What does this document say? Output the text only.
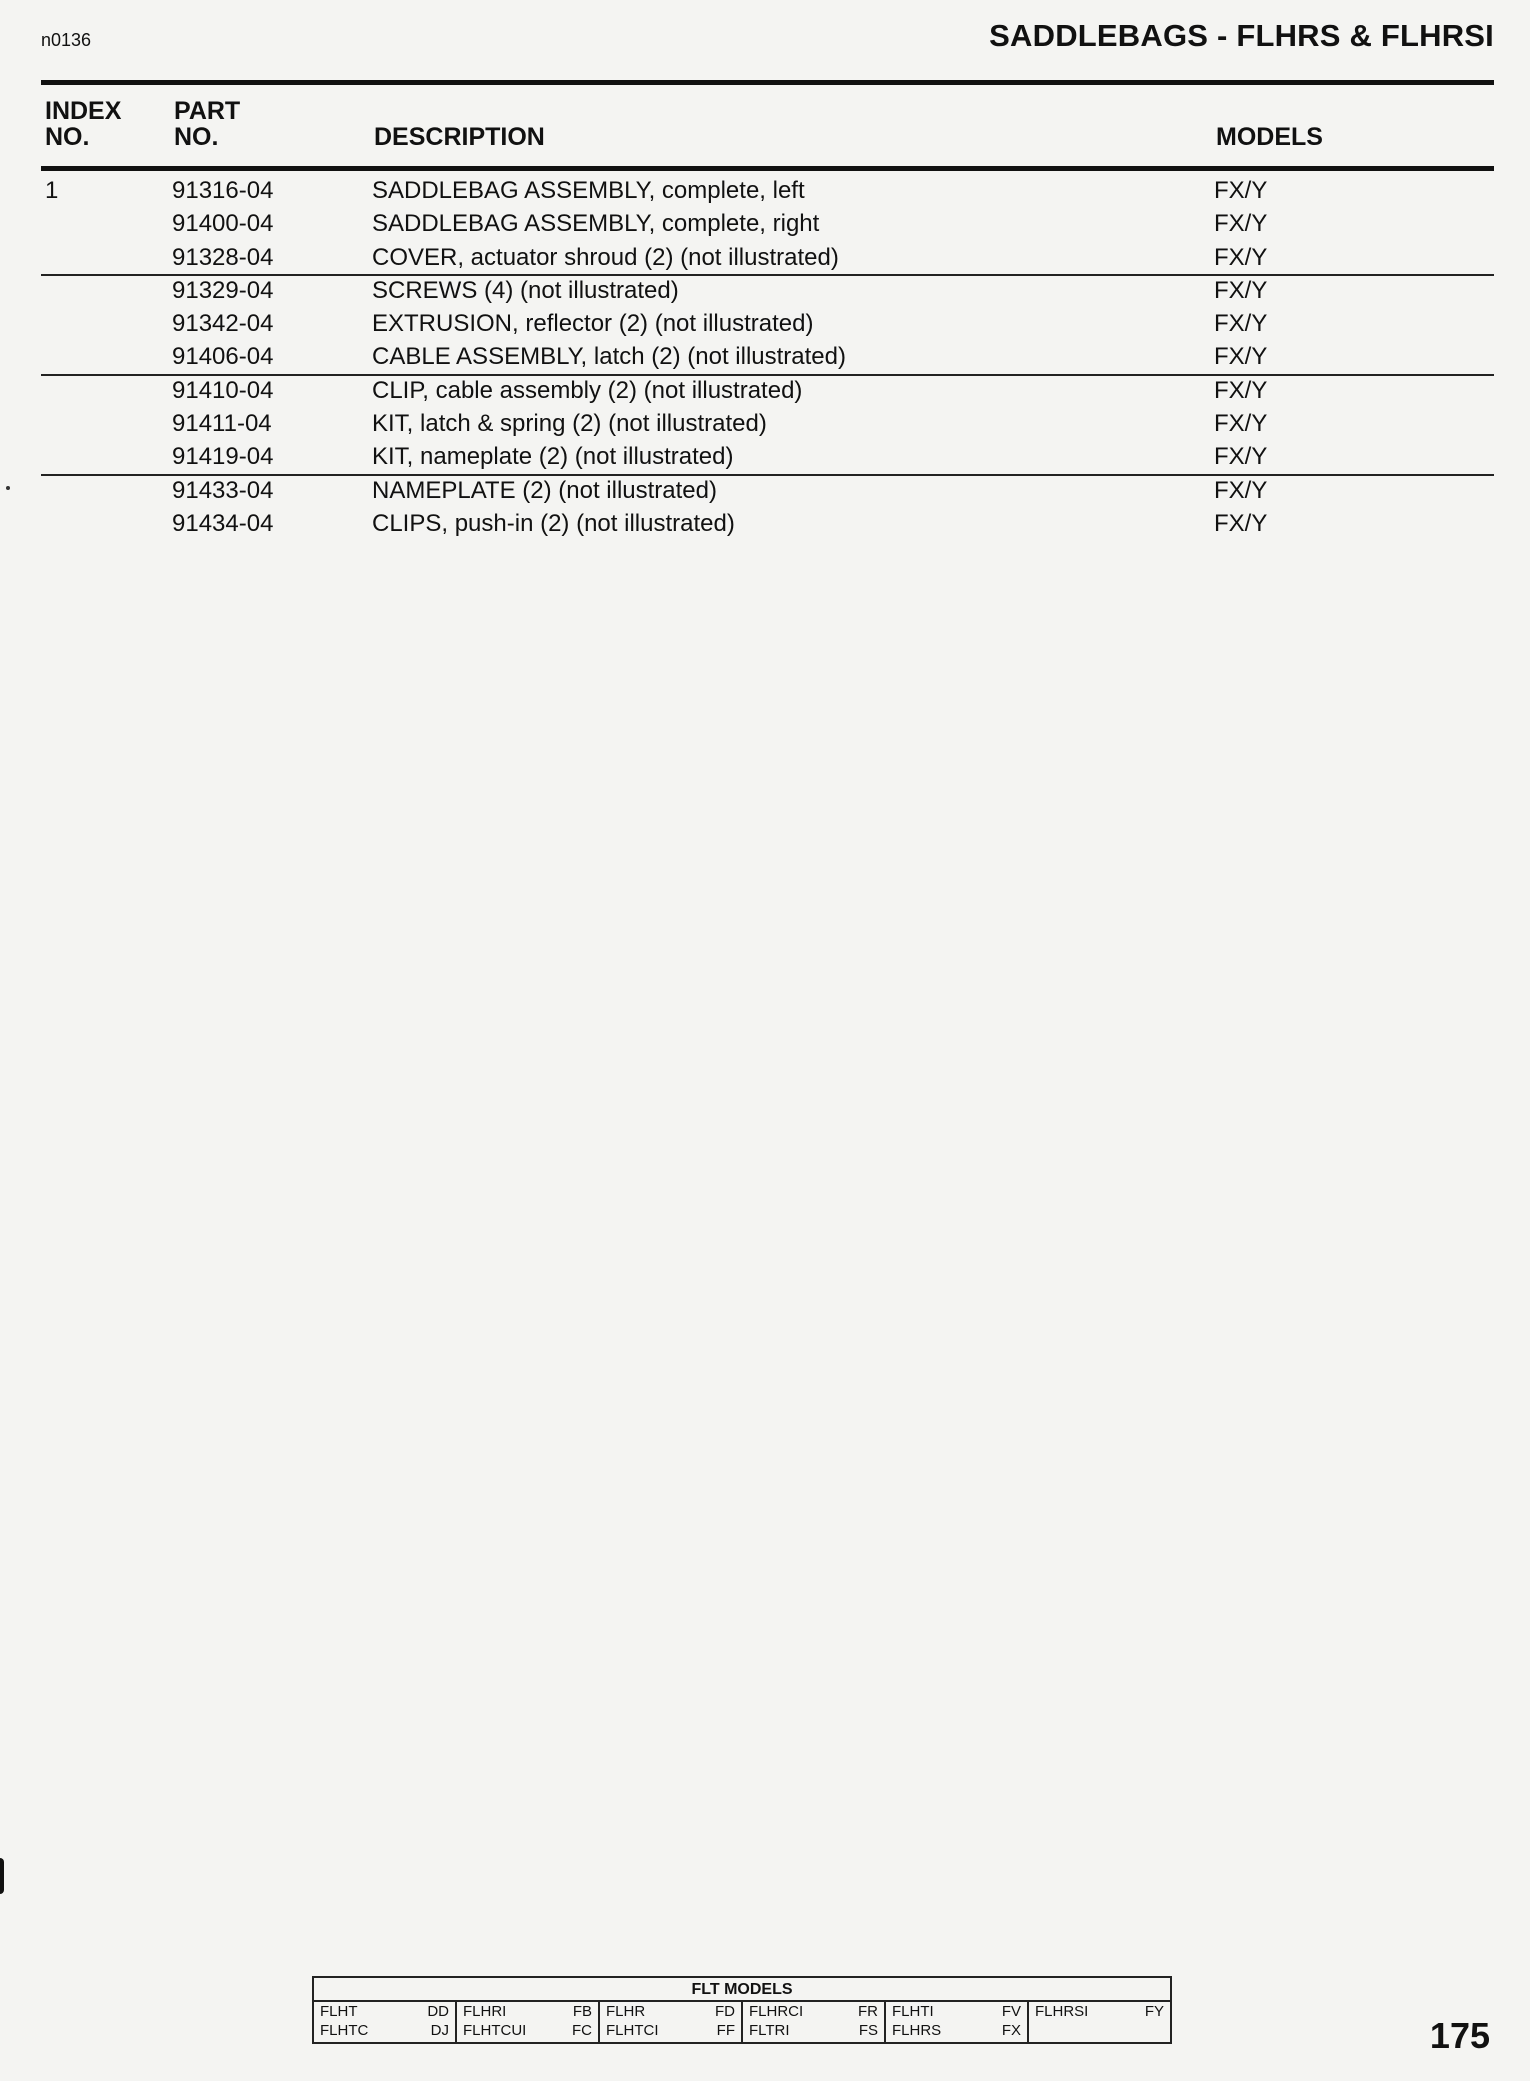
n0136	SADDLEBAGS - FLHRS & FLHRSI
INDEX
NO.
PART
NO.	DESCRIPTION	MODELS
1	91316-04	SADDLEBAG ASSEMBLY, complete, left	FX/Y
91400-04	SADDLEBAG ASSEMBLY, complete, right	FX/Y
91328-04	COVER, actuator shroud (2) (not illustrated)	FX/Y
91329-04	SCREWS (4) (not illustrated)	FX/Y
91342-04	EXTRUSION, reflector (2) (not illustrated)	FX/Y
91406-04	CABLE ASSEMBLY, latch (2) (not illustrated)	FX/Y
91410-04	CLIP, cable assembly (2) (not illustrated)	FX/Y
91411-04	KIT, latch & spring (2) (not illustrated)	FX/Y
91419-04	KIT, nameplate (2) (not illustrated)	FX/Y
91433-04	NAMEPLATE (2) (not illustrated)	FX/Y
91434-04	CLIPS, push-in (2) (not illustrated)	FX/Y
FLT MODELS
FLHT	DD
FLHTC	DJ
FLHRI	FB
FLHTCUI	FC
FLHR	FD
FLHTCI	FF
FLHRCI	FR
FLTRI	FS
FLHTI	FV
FLHRS	FX
FLHRSI	FY
175
